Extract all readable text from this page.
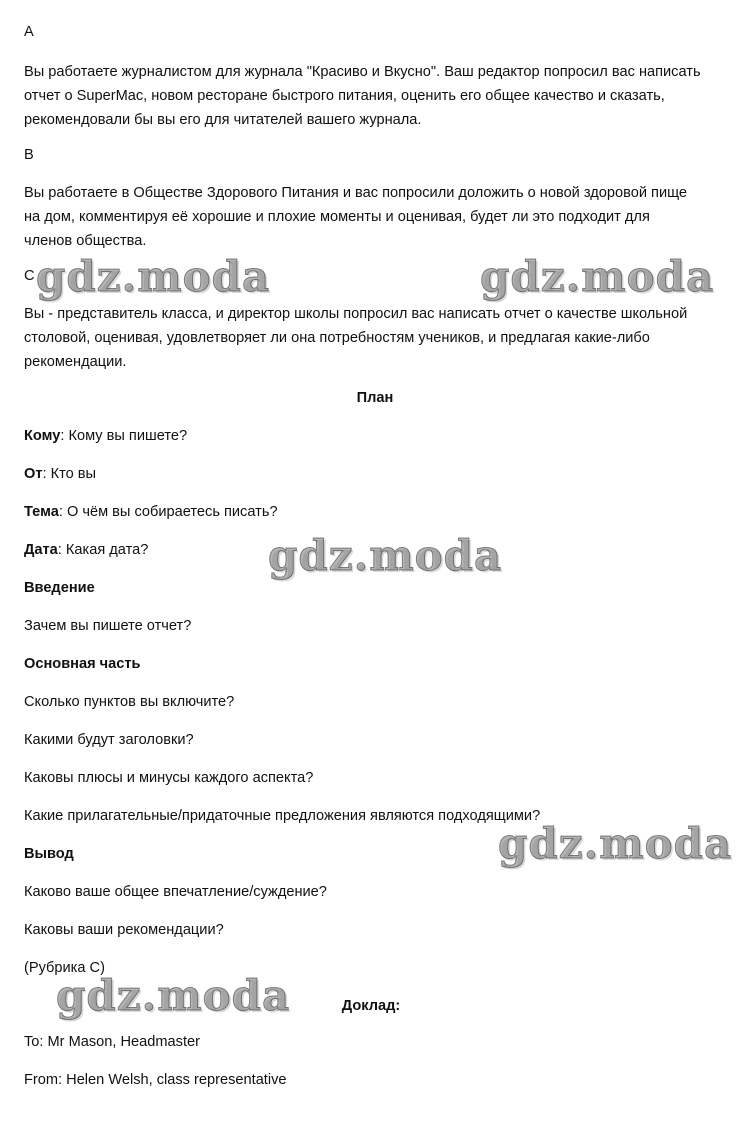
A
Вы работаете журналистом для журнала "Красиво и Вкусно". Ваш редактор попросил вас написать
отчет о SuperMac, новом ресторане быстрого питания, оценить его общее качество и сказать,
рекомендовали бы вы его для читателей вашего журнала.
B
Вы работаете в Обществе Здорового Питания и вас попросили доложить о новой здоровой пище
на дом, комментируя её хорошие и плохие моменты и оценивая, будет ли это подходит для
членов общества.
C
Вы - представитель класса, и директор школы попросил вас написать отчет о качестве школьной
столовой, оценивая, удовлетворяет ли она потребностям учеников, и предлагая какие-либо
рекомендации.
План
Кому: Кому вы пишете?
От: Кто вы
Тема: О чём вы собираетесь писать?
Дата: Какая дата?
Введение
Зачем вы пишете отчет?
Основная часть
Сколько пунктов вы включите?
Какими будут заголовки?
Каковы плюсы и минусы каждого аспекта?
Какие прилагательные/придаточные предложения являются подходящими?
Вывод
Каково ваше общее впечатление/суждение?
Каковы ваши рекомендации?
(Рубрика C)
Доклад:
To: Mr Mason, Headmaster
From: Helen Welsh, class representative
gdz.moda	gdz.moda
gdz.moda
gdz.moda
gdz.moda
